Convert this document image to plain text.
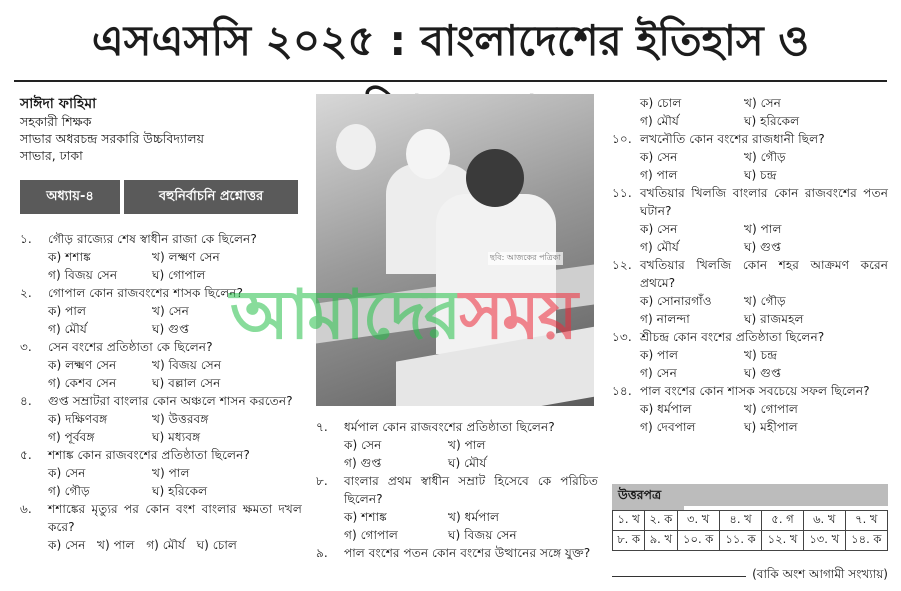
এসএসসি ২০২৫ : বাংলাদেশের ইতিহাস ও
সাঈদা ফাহিমা
সহকারী শিক্ষক
সাভার অধরচন্দ্র সরকারি উচ্চবিদ্যালয়
সাভার, ঢাকা
অধ্যায়-৪	বহুনির্বাচনি প্রশ্নোত্তর
১.	গৌড় রাজ্যের শেষ স্বাধীন রাজা কে ছিলেন?
ক) শশাঙ্ক	খ) লক্ষ্মণ সেন
গ) বিজয় সেন	ঘ) গোপাল
২.	গোপাল কোন রাজবংশের শাসক ছিলেন?
ক) পাল	খ) সেন
গ) মৌর্য	ঘ) গুপ্ত
৩.	সেন বংশের প্রতিষ্ঠাতা কে ছিলেন?
ক) লক্ষ্মণ সেন	খ) বিজয় সেন
গ) কেশব সেন	ঘ) বল্লাল সেন
৪.	গুপ্ত সম্রাটরা বাংলার কোন অঞ্চলে শাসন করতেন?
ক) দক্ষিণবঙ্গ	খ) উত্তরবঙ্গ
গ) পূর্ববঙ্গ	ঘ) মধ্যবঙ্গ
৫.	শশাঙ্ক কোন রাজবংশের প্রতিষ্ঠাতা ছিলেন?
ক) সেন	খ) পাল
গ) গৌড়	ঘ) হরিকেল
৬.	শশাঙ্কের মৃত্যুর পর কোন বংশ বাংলার ক্ষমতা দখল করে?
ক) সেন   খ) পাল   গ) মৌর্য   ঘ) চোল
ছবি: আজকের পত্রিকা
৭.	ধর্মপাল কোন রাজবংশের প্রতিষ্ঠাতা ছিলেন?
ক) সেন	খ) পাল
গ) গুপ্ত	ঘ) মৌর্য
৮.	বাংলার প্রথম স্বাধীন সম্রাট হিসেবে কে পরিচিত ছিলেন?
ক) শশাঙ্ক	খ) ধর্মপাল
গ) গোপাল	ঘ) বিজয় সেন
৯.	পাল বংশের পতন কোন বংশের উত্থানের সঙ্গে যুক্ত?
ক) চোল	খ) সেন
গ) মৌর্য	ঘ) হরিকেল
১০. লখনৌতি কোন বংশের রাজধানী ছিল?
ক) সেন	খ) গৌড়
গ) পাল	ঘ) চন্দ্র
১১. বখতিয়ার খিলজি বাংলার কোন রাজবংশের পতন ঘটান?
ক) সেন	খ) পাল
গ) মৌর্য	ঘ) গুপ্ত
১২. বখতিয়ার খিলজি কোন শহর আক্রমণ করেন প্রথমে?
ক) সোনারগাঁও	খ) গৌড়
গ) নালন্দা	ঘ) রাজমহল
১৩. শ্রীচন্দ্র কোন বংশের প্রতিষ্ঠাতা ছিলেন?
ক) পাল	খ) চন্দ্র
গ) সেন	ঘ) গুপ্ত
১৪. পাল বংশের কোন শাসক সবচেয়ে সফল ছিলেন?
ক) ধর্মপাল	খ) গোপাল
গ) দেবপাল	ঘ) মহীপাল
আমাদেরসময়
উত্তরপত্র
১. খ	২. ক	৩. খ	৪. খ	৫. গ	৬. খ	৭. খ
৮. ক	৯. খ	১০. ক	১১. ক	১২. খ	১৩. খ	১৪. ক
(বাকি অংশ আগামী সংখ্যায়)
